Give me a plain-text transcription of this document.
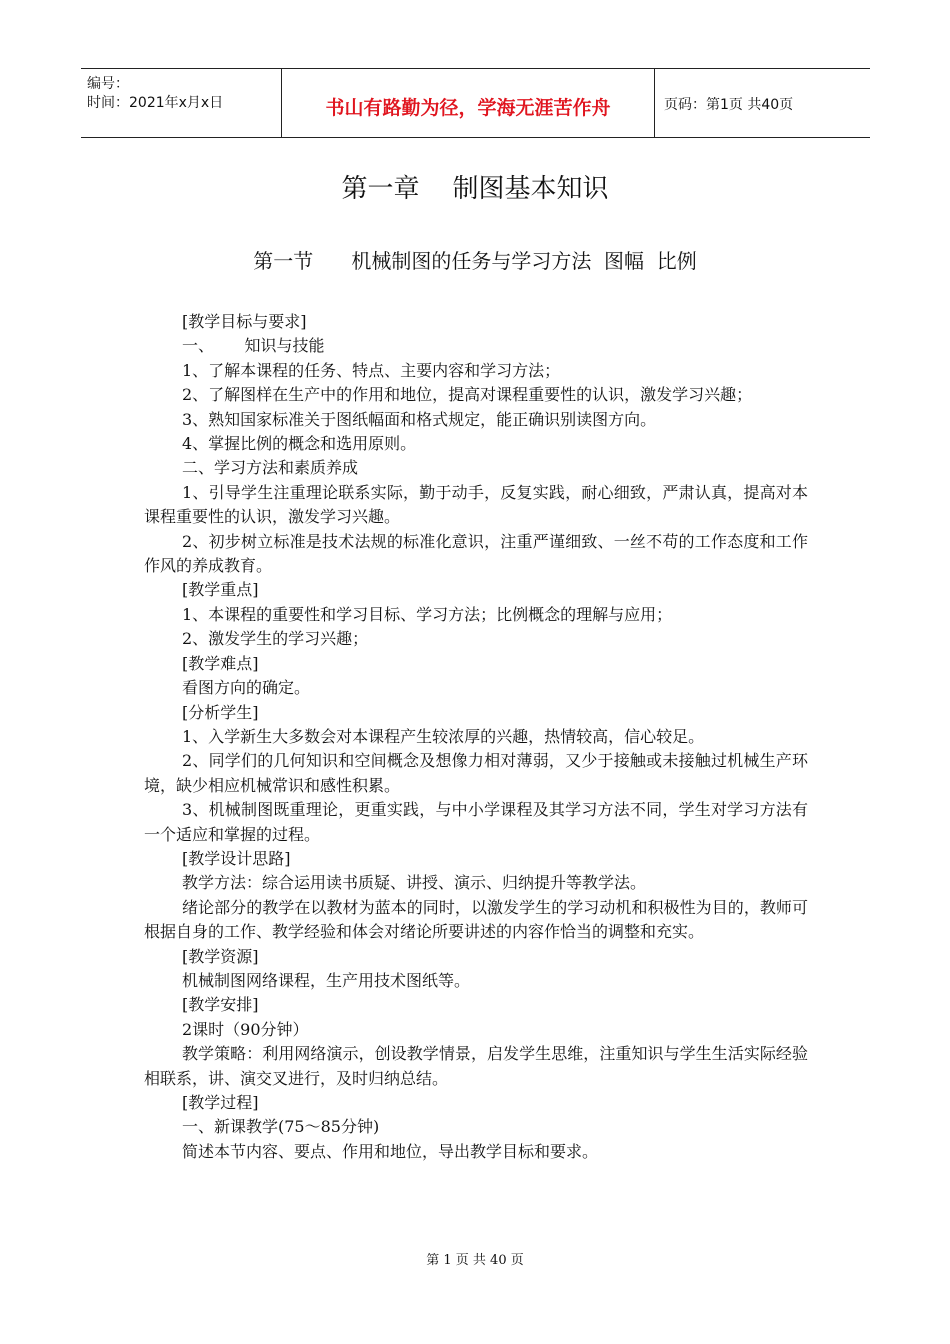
编号：
时间：2021年x月x日	书山有路勤为径，学海无涯苦作舟	页码：第1页 共40页
第一章    制图基本知识
第一节      机械制图的任务与学习方法  图幅  比例

[教学目标与要求]

一、      知识与技能

1、了解本课程的任务、特点、主要内容和学习方法；

2、了解图样在生产中的作用和地位，提高对课程重要性的认识，激发学习兴趣；

3、熟知国家标准关于图纸幅面和格式规定，能正确识别读图方向。

4、掌握比例的概念和选用原则。

二、学习方法和素质养成

1、引导学生注重理论联系实际，勤于动手，反复实践，耐心细致，严肃认真，提高对本课程重要性的认识，激发学习兴趣。

2、初步树立标准是技术法规的标准化意识，注重严谨细致、一丝不苟的工作态度和工作作风的养成教育。

[教学重点]

1、本课程的重要性和学习目标、学习方法；比例概念的理解与应用；

2、激发学生的学习兴趣；

[教学难点]

看图方向的确定。

[分析学生]

1、入学新生大多数会对本课程产生较浓厚的兴趣，热情较高，信心较足。

2、同学们的几何知识和空间概念及想像力相对薄弱，又少于接触或未接触过机械生产环境，缺少相应机械常识和感性积累。

3、机械制图既重理论，更重实践，与中小学课程及其学习方法不同，学生对学习方法有一个适应和掌握的过程。

[教学设计思路]

教学方法：综合运用读书质疑、讲授、演示、归纳提升等教学法。

绪论部分的教学在以教材为蓝本的同时，以激发学生的学习动机和积极性为目的，教师可根据自身的工作、教学经验和体会对绪论所要讲述的内容作恰当的调整和充实。

[教学资源]

机械制图网络课程，生产用技术图纸等。

[教学安排]

2课时（90分钟）

教学策略：利用网络演示，创设教学情景，启发学生思维，注重知识与学生生活实际经验相联系，讲、演交叉进行，及时归纳总结。

[教学过程]

一、新课教学(75～85分钟)

简述本节内容、要点、作用和地位，导出教学目标和要求。

第 1 页 共 40 页
